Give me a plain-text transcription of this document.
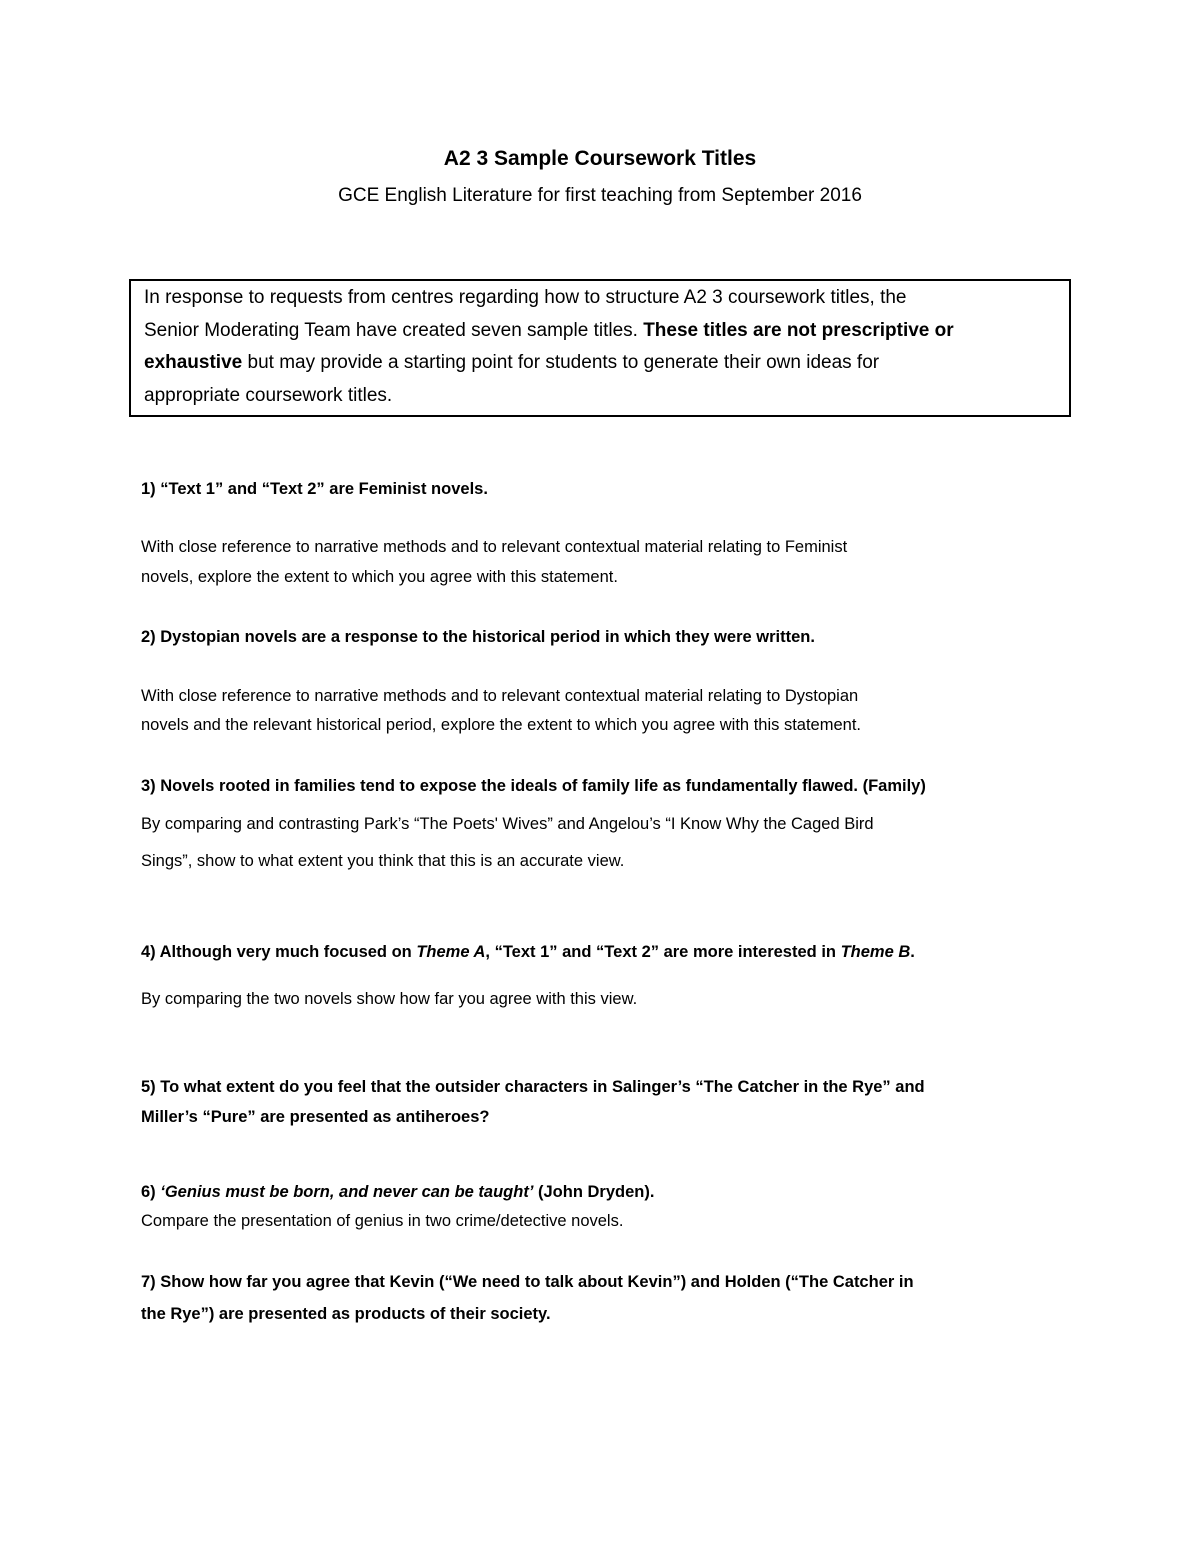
A2 3 Sample Coursework Titles
GCE English Literature for first teaching from September 2016
In response to requests from centres regarding how to structure A2 3 coursework titles, the
Senior Moderating Team have created seven sample titles. These titles are not prescriptive or
exhaustive but may provide a starting point for students to generate their own ideas for
appropriate coursework titles.
1) “Text 1” and “Text 2” are Feminist novels.
With close reference to narrative methods and to relevant contextual material relating to Feminist
novels, explore the extent to which you agree with this statement.
2) Dystopian novels are a response to the historical period in which they were written.
With close reference to narrative methods and to relevant contextual material relating to Dystopian
novels and the relevant historical period, explore the extent to which you agree with this statement.
3) Novels rooted in families tend to expose the ideals of family life as fundamentally flawed. (Family)
By comparing and contrasting Park’s “The Poets' Wives” and Angelou’s “I Know Why the Caged Bird
Sings”, show to what extent you think that this is an accurate view.
4) Although very much focused on Theme A, “Text 1” and “Text 2” are more interested in Theme B.
By comparing the two novels show how far you agree with this view.
5) To what extent do you feel that the outsider characters in Salinger’s “The Catcher in the Rye” and
Miller’s “Pure” are presented as antiheroes?
6) ‘Genius must be born, and never can be taught’ (John Dryden).
Compare the presentation of genius in two crime/detective novels.
7) Show how far you agree that Kevin (“We need to talk about Kevin”) and Holden (“The Catcher in
the Rye”) are presented as products of their society.
